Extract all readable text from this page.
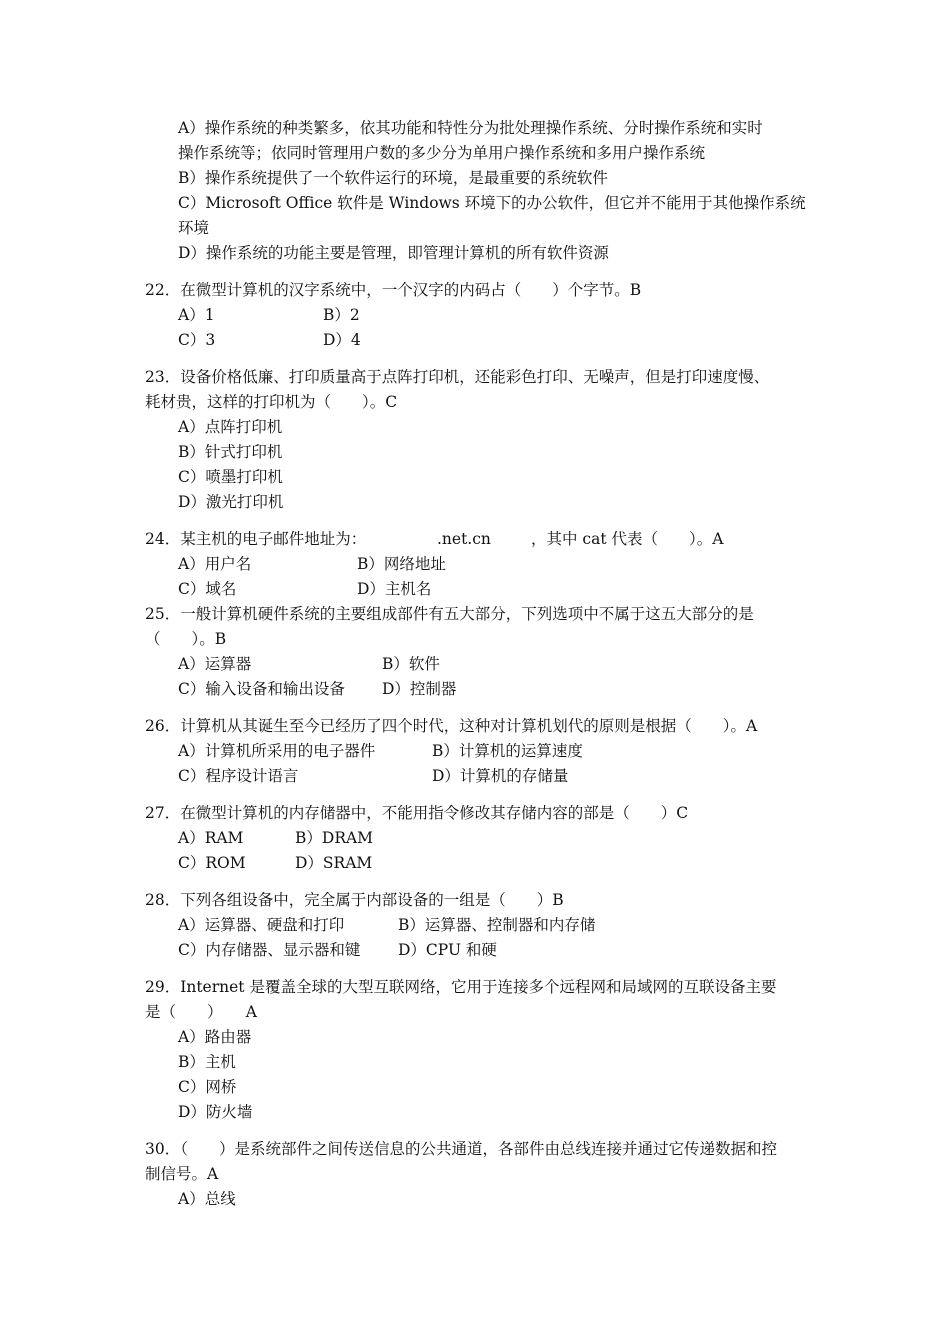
A）操作系统的种类繁多，依其功能和特性分为批处理操作系统、分时操作系统和实时
操作系统等；依同时管理用户数的多少分为单用户操作系统和多用户操作系统
B）操作系统提供了一个软件运行的环境，是最重要的系统软件
C）Microsoft Office 软件是 Windows 环境下的办公软件，但它并不能用于其他操作系统
环境
D）操作系统的功能主要是管理，即管理计算机的所有软件资源
22．在微型计算机的汉字系统中，一个汉字的内码占（　　）个字节。B
A）1	B）2
C）3	D）4
23．设备价格低廉、打印质量高于点阵打印机，还能彩色打印、无噪声，但是打印速度慢、
耗材贵，这样的打印机为（　　）。C
A）点阵打印机
B）针式打印机
C）喷墨打印机
D）激光打印机
24．某主机的电子邮件地址为：	.net.cn	，其中 cat 代表（　　）。A
A）用户名	B）网络地址
C）域名	D）主机名
25．一般计算机硬件系统的主要组成部件有五大部分，下列选项中不属于这五大部分的是
（　　）。B
A）运算器	B）软件
C）输入设备和输出设备 D）控制器
26．计算机从其诞生至今已经历了四个时代，这种对计算机划代的原则是根据（　　）。A
A）计算机所采用的电子器件	B）计算机的运算速度
C）程序设计语言	D）计算机的存储量
27．在微型计算机的内存储器中，不能用指令修改其存储内容的部是（　　）C
A）RAM	B）DRAM
C）ROM	D）SRAM
28．下列各组设备中，完全属于内部设备的一组是（　　）B
A）运算器、硬盘和打印	B）运算器、控制器和内存储
C）内存储器、显示器和键 D）CPU 和硬
29．Internet 是覆盖全球的大型互联网络，它用于连接多个远程网和局域网的互联设备主要
是（　　）　　A
A）路由器
B）主机
C）网桥
D）防火墙
30．（　　）是系统部件之间传送信息的公共通道，各部件由总线连接并通过它传递数据和控
制信号。A
A）总线
